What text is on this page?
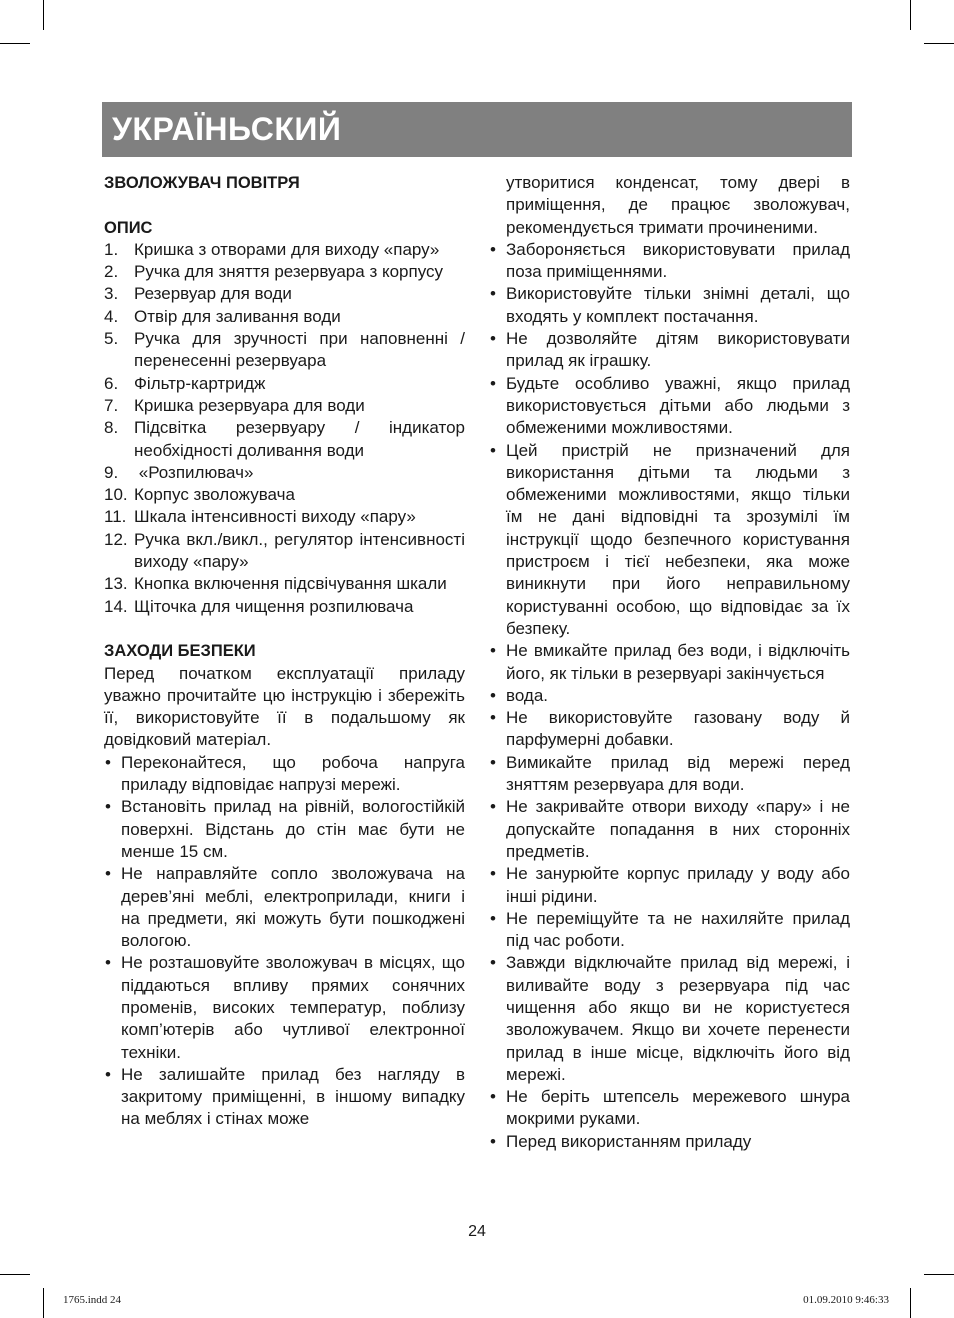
УКРАЇНЬСКИЙ
ЗВОЛОЖУВАЧ ПОВІТРЯ
ОПИС
1. Кришка з отворами для виходу «пару»
2. Ручка для зняття резервуара з корпусу
3. Резервуар для води
4. Отвір для заливання води
5. Ручка для зручності при наповненні / перенесенні резервуара
6. Фільтр-картридж
7. Кришка резервуара для води
8. Підсвітка резервуару / індикатор необхідності доливання води
9. «Розпилювач»
10. Корпус зволожувача
11. Шкала інтенсивності виходу «пару»
12. Ручка вкл./викл., регулятор інтенсивності виходу «пару»
13. Кнопка включення підсвічування шкали
14. Щіточка для чищення розпилювача
ЗАХОДИ БЕЗПЕКИ
Перед початком експлуатації приладу уважно прочитайте цю інструкцію і збережіть її, використовуйте її в подальшому як довідковий матеріал.
• Переконайтеся, що робоча напруга приладу відповідає напрузі мережі.
• Встановіть прилад на рівній, вологостійкій поверхні. Відстань до стін має бути не менше 15 см.
• Не направляйте сопло зволожувача на дерев’яні меблі, електроприлади, книги і на предмети, які можуть бути пошкоджені вологою.
• Не розташовуйте зволожувач в місцях, що піддаються впливу прямих сонячних променів, високих температур, поблизу комп’ютерів або чутливої електронної техніки.
• Не залишайте прилад без нагляду в закритому приміщенні, в іншому випадку на меблях і стінах може
утворитися конденсат, тому двері в приміщення, де працює зволожувач, рекомендується тримати прочиненими.
• Забороняється використовувати прилад поза приміщеннями.
• Використовуйте тільки знімні деталі, що входять у комплект постачання.
• Не дозволяйте дітям використовувати прилад як іграшку.
• Будьте особливо уважні, якщо прилад використовується дітьми або людьми з обмеженими можливостями.
• Цей пристрій не призначений для використання дітьми та людьми з обмеженими можливостями, якщо тільки їм не дані відповідні та зрозумілі їм інструкції щодо безпечного користування пристроєм і тієї небезпеки, яка може виникнути при його неправильному користуванні особою, що відповідає за їх безпеку.
• Не вмикайте прилад без води, і відключіть його, як тільки в резервуарі закінчується
• вода.
• Не використовуйте газовану воду й парфумерні добавки.
• Вимикайте прилад від мережі перед зняттям резервуара для води.
• Не закривайте отвори виходу «пару» і не допускайте попадання в них сторонніх предметів.
• Не занурюйте корпус приладу у воду або інші рідини.
• Не переміщуйте та не нахиляйте прилад під час роботи.
• Завжди відключайте прилад від мережі, і виливайте воду з резервуара під час чищення або якщо ви не користуєтеся зволожувачем. Якщо ви хочете перенести прилад в інше місце, відключіть його від мережі.
• Не беріть штепсель мережевого шнура мокрими руками.
• Перед використанням приладу
24
1765.indd 24	01.09.2010 9:46:33
